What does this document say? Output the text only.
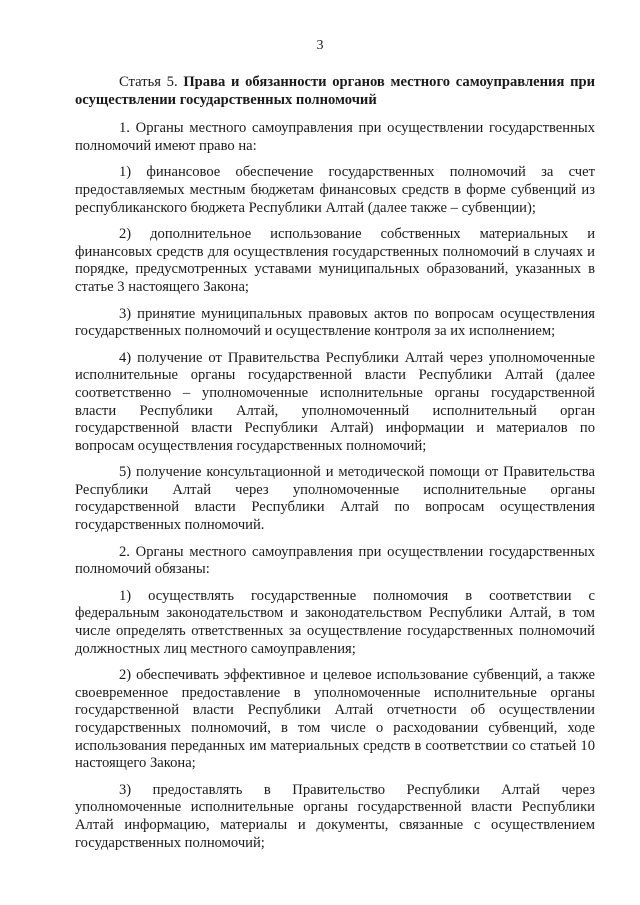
3

Статья 5. Права и обязанности органов местного самоуправления при осуществлении государственных полномочий

1. Органы местного самоуправления при осуществлении государственных полномочий имеют право на:

1) финансовое обеспечение государственных полномочий за счет предоставляемых местным бюджетам финансовых средств в форме субвенций из республиканского бюджета Республики Алтай (далее также – субвенции);

2) дополнительное использование собственных материальных и финансовых средств для осуществления государственных полномочий в случаях и порядке, предусмотренных уставами муниципальных образований, указанных в статье 3 настоящего Закона;

3) принятие муниципальных правовых актов по вопросам осуществления государственных полномочий и осуществление контроля за их исполнением;

4) получение от Правительства Республики Алтай через уполномоченные исполнительные органы государственной власти Республики Алтай (далее соответственно – уполномоченные исполнительные органы государственной власти Республики Алтай, уполномоченный исполнительный орган государственной власти Республики Алтай) информации и материалов по вопросам осуществления государственных полномочий;

5) получение консультационной и методической помощи от Правительства Республики Алтай через уполномоченные исполнительные органы государственной власти Республики Алтай по вопросам осуществления государственных полномочий.

2. Органы местного самоуправления при осуществлении государственных полномочий обязаны:

1) осуществлять государственные полномочия в соответствии с федеральным законодательством и законодательством Республики Алтай, в том числе определять ответственных за осуществление государственных полномочий должностных лиц местного самоуправления;

2) обеспечивать эффективное и целевое использование субвенций, а также своевременное предоставление в уполномоченные исполнительные органы государственной власти Республики Алтай отчетности об осуществлении государственных полномочий, в том числе о расходовании субвенций, ходе использования переданных им материальных средств в соответствии со статьей 10 настоящего Закона;

3) предоставлять в Правительство Республики Алтай через уполномоченные исполнительные органы государственной власти Республики Алтай информацию, материалы и документы, связанные с осуществлением государственных полномочий;
